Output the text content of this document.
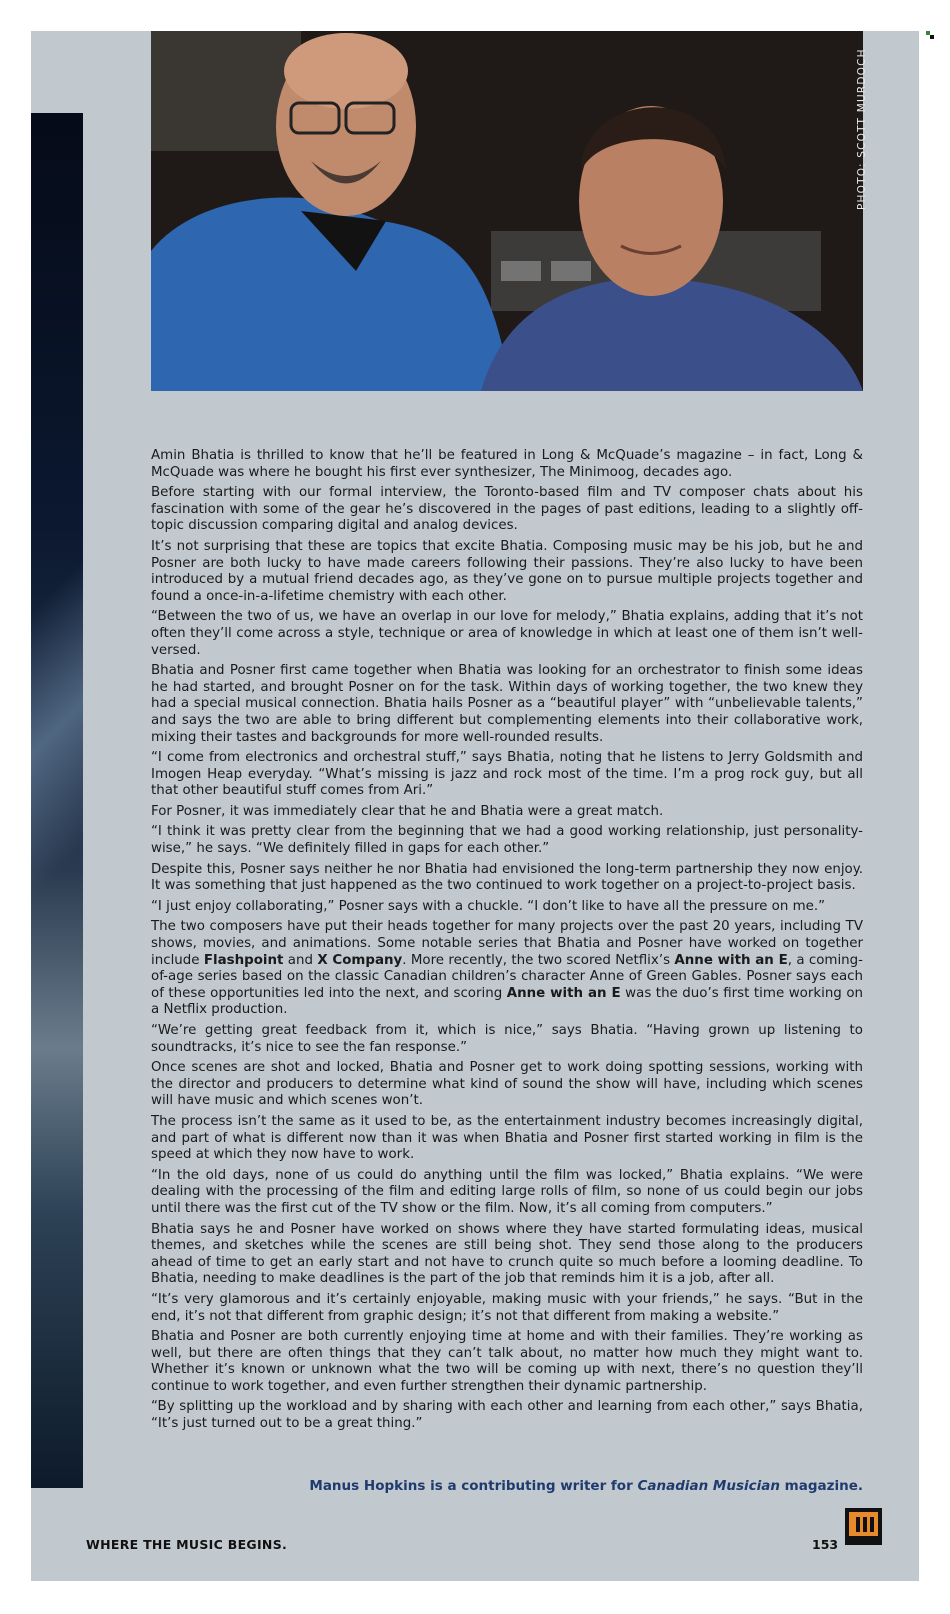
PHOTO: SCOTT MURDOCH

Amin Bhatia is thrilled to know that he’ll be featured in Long & McQuade’s magazine – in fact, Long & McQuade was where he bought his first ever synthesizer, The Minimoog, decades ago.

Before starting with our formal interview, the Toronto-based film and TV composer chats about his fascination with some of the gear he’s discovered in the pages of past editions, leading to a slightly off-topic discussion comparing digital and analog devices.

It’s not surprising that these are topics that excite Bhatia. Composing music may be his job, but he and Posner are both lucky to have made careers following their passions. They’re also lucky to have been introduced by a mutual friend decades ago, as they’ve gone on to pursue multiple projects together and found a once-in-a-lifetime chemistry with each other.

“Between the two of us, we have an overlap in our love for melody,” Bhatia explains, adding that it’s not often they’ll come across a style, technique or area of knowledge in which at least one of them isn’t well-versed.

Bhatia and Posner first came together when Bhatia was looking for an orchestrator to finish some ideas he had started, and brought Posner on for the task. Within days of working together, the two knew they had a special musical connection. Bhatia hails Posner as a “beautiful player” with “unbelievable talents,” and says the two are able to bring different but complementing elements into their collaborative work, mixing their tastes and backgrounds for more well-rounded results.

“I come from electronics and orchestral stuff,” says Bhatia, noting that he listens to Jerry Goldsmith and Imogen Heap everyday. “What’s missing is jazz and rock most of the time. I’m a prog rock guy, but all that other beautiful stuff comes from Ari.”

For Posner, it was immediately clear that he and Bhatia were a great match.

“I think it was pretty clear from the beginning that we had a good working relationship, just personality-wise,” he says. “We definitely filled in gaps for each other.”

Despite this, Posner says neither he nor Bhatia had envisioned the long-term partnership they now enjoy. It was something that just happened as the two continued to work together on a project-to-project basis.

“I just enjoy collaborating,” Posner says with a chuckle. “I don’t like to have all the pressure on me.”

The two composers have put their heads together for many projects over the past 20 years, including TV shows, movies, and animations. Some notable series that Bhatia and Posner have worked on together include Flashpoint and X Company. More recently, the two scored Netflix’s Anne with an E, a coming-of-age series based on the classic Canadian children’s character Anne of Green Gables. Posner says each of these opportunities led into the next, and scoring Anne with an E was the duo’s first time working on a Netflix production.

“We’re getting great feedback from it, which is nice,” says Bhatia. “Having grown up listening to soundtracks, it’s nice to see the fan response.”

Once scenes are shot and locked, Bhatia and Posner get to work doing spotting sessions, working with the director and producers to determine what kind of sound the show will have, including which scenes will have music and which scenes won’t.

The process isn’t the same as it used to be, as the entertainment industry becomes increasingly digital, and part of what is different now than it was when Bhatia and Posner first started working in film is the speed at which they now have to work.

“In the old days, none of us could do anything until the film was locked,” Bhatia explains. “We were dealing with the processing of the film and editing large rolls of film, so none of us could begin our jobs until there was the first cut of the TV show or the film. Now, it’s all coming from computers.”

Bhatia says he and Posner have worked on shows where they have started formulating ideas, musical themes, and sketches while the scenes are still being shot. They send those along to the producers ahead of time to get an early start and not have to crunch quite so much before a looming deadline. To Bhatia, needing to make deadlines is the part of the job that reminds him it is a job, after all.

“It’s very glamorous and it’s certainly enjoyable, making music with your friends,” he says. “But in the end, it’s not that different from graphic design; it’s not that different from making a website.”

Bhatia and Posner are both currently enjoying time at home and with their families. They’re working as well, but there are often things that they can’t talk about, no matter how much they might want to. Whether it’s known or unknown what the two will be coming up with next, there’s no question they’ll continue to work together, and even further strengthen their dynamic partnership.

“By splitting up the workload and by sharing with each other and learning from each other,” says Bhatia, “It’s just turned out to be a great thing.”

Manus Hopkins is a contributing writer for Canadian Musician magazine.
WHERE THE MUSIC BEGINS.	153
